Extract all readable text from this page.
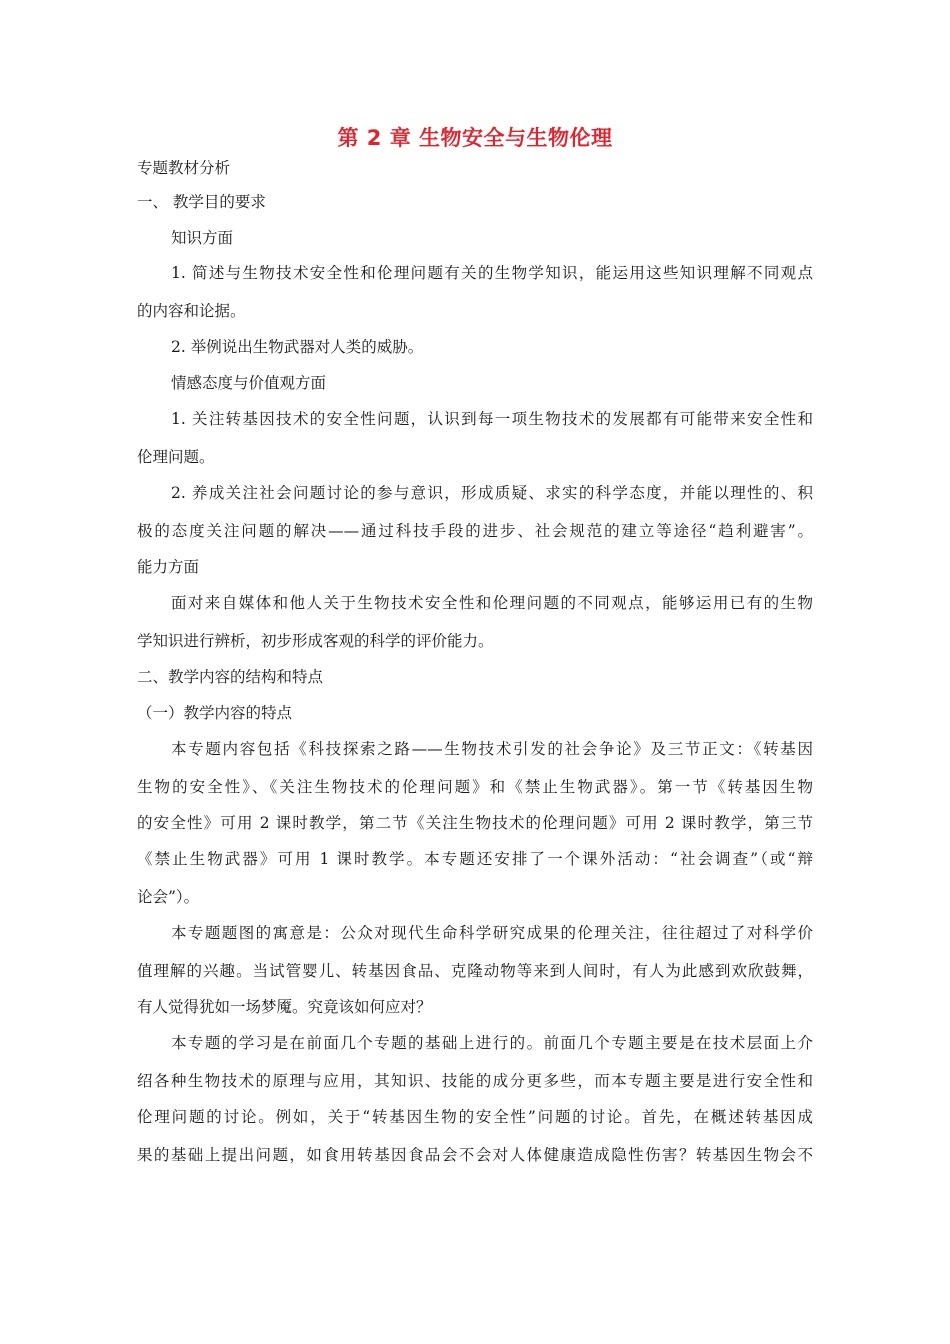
第 2 章 生物安全与生物伦理
专题教材分析
一、 教学目的要求
知识方面
1. 简述与生物技术安全性和伦理问题有关的生物学知识，能运用这些知识理解不同观点
的内容和论据。
2. 举例说出生物武器对人类的威胁。
情感态度与价值观方面
1. 关注转基因技术的安全性问题，认识到每一项生物技术的发展都有可能带来安全性和
伦理问题。
2. 养成关注社会问题讨论的参与意识，形成质疑、求实的科学态度，并能以理性的、积
极的态度关注问题的解决——通过科技手段的进步、社会规范的建立等途径“趋利避害”。
能力方面
面对来自媒体和他人关于生物技术安全性和伦理问题的不同观点，能够运用已有的生物
学知识进行辨析，初步形成客观的科学的评价能力。
二、教学内容的结构和特点
（一）教学内容的特点
本专题内容包括《科技探索之路——生物技术引发的社会争论》及三节正文：《转基因
生物的安全性》、《关注生物技术的伦理问题》和《禁止生物武器》。第一节《转基因生物
的安全性》可用 2 课时教学，第二节《关注生物技术的伦理问题》可用 2 课时教学，第三节
《禁止生物武器》可用 1 课时教学。本专题还安排了一个课外活动：“社会调查”（或“辩
论会”）。
本专题题图的寓意是：公众对现代生命科学研究成果的伦理关注，往往超过了对科学价
值理解的兴趣。当试管婴儿、转基因食品、克隆动物等来到人间时，有人为此感到欢欣鼓舞，
有人觉得犹如一场梦魇。究竟该如何应对？
本专题的学习是在前面几个专题的基础上进行的。前面几个专题主要是在技术层面上介
绍各种生物技术的原理与应用，其知识、技能的成分更多些，而本专题主要是进行安全性和
伦理问题的讨论。例如，关于“转基因生物的安全性”问题的讨论。首先，在概述转基因成
果的基础上提出问题，如食用转基因食品会不会对人体健康造成隐性伤害？转基因生物会不
